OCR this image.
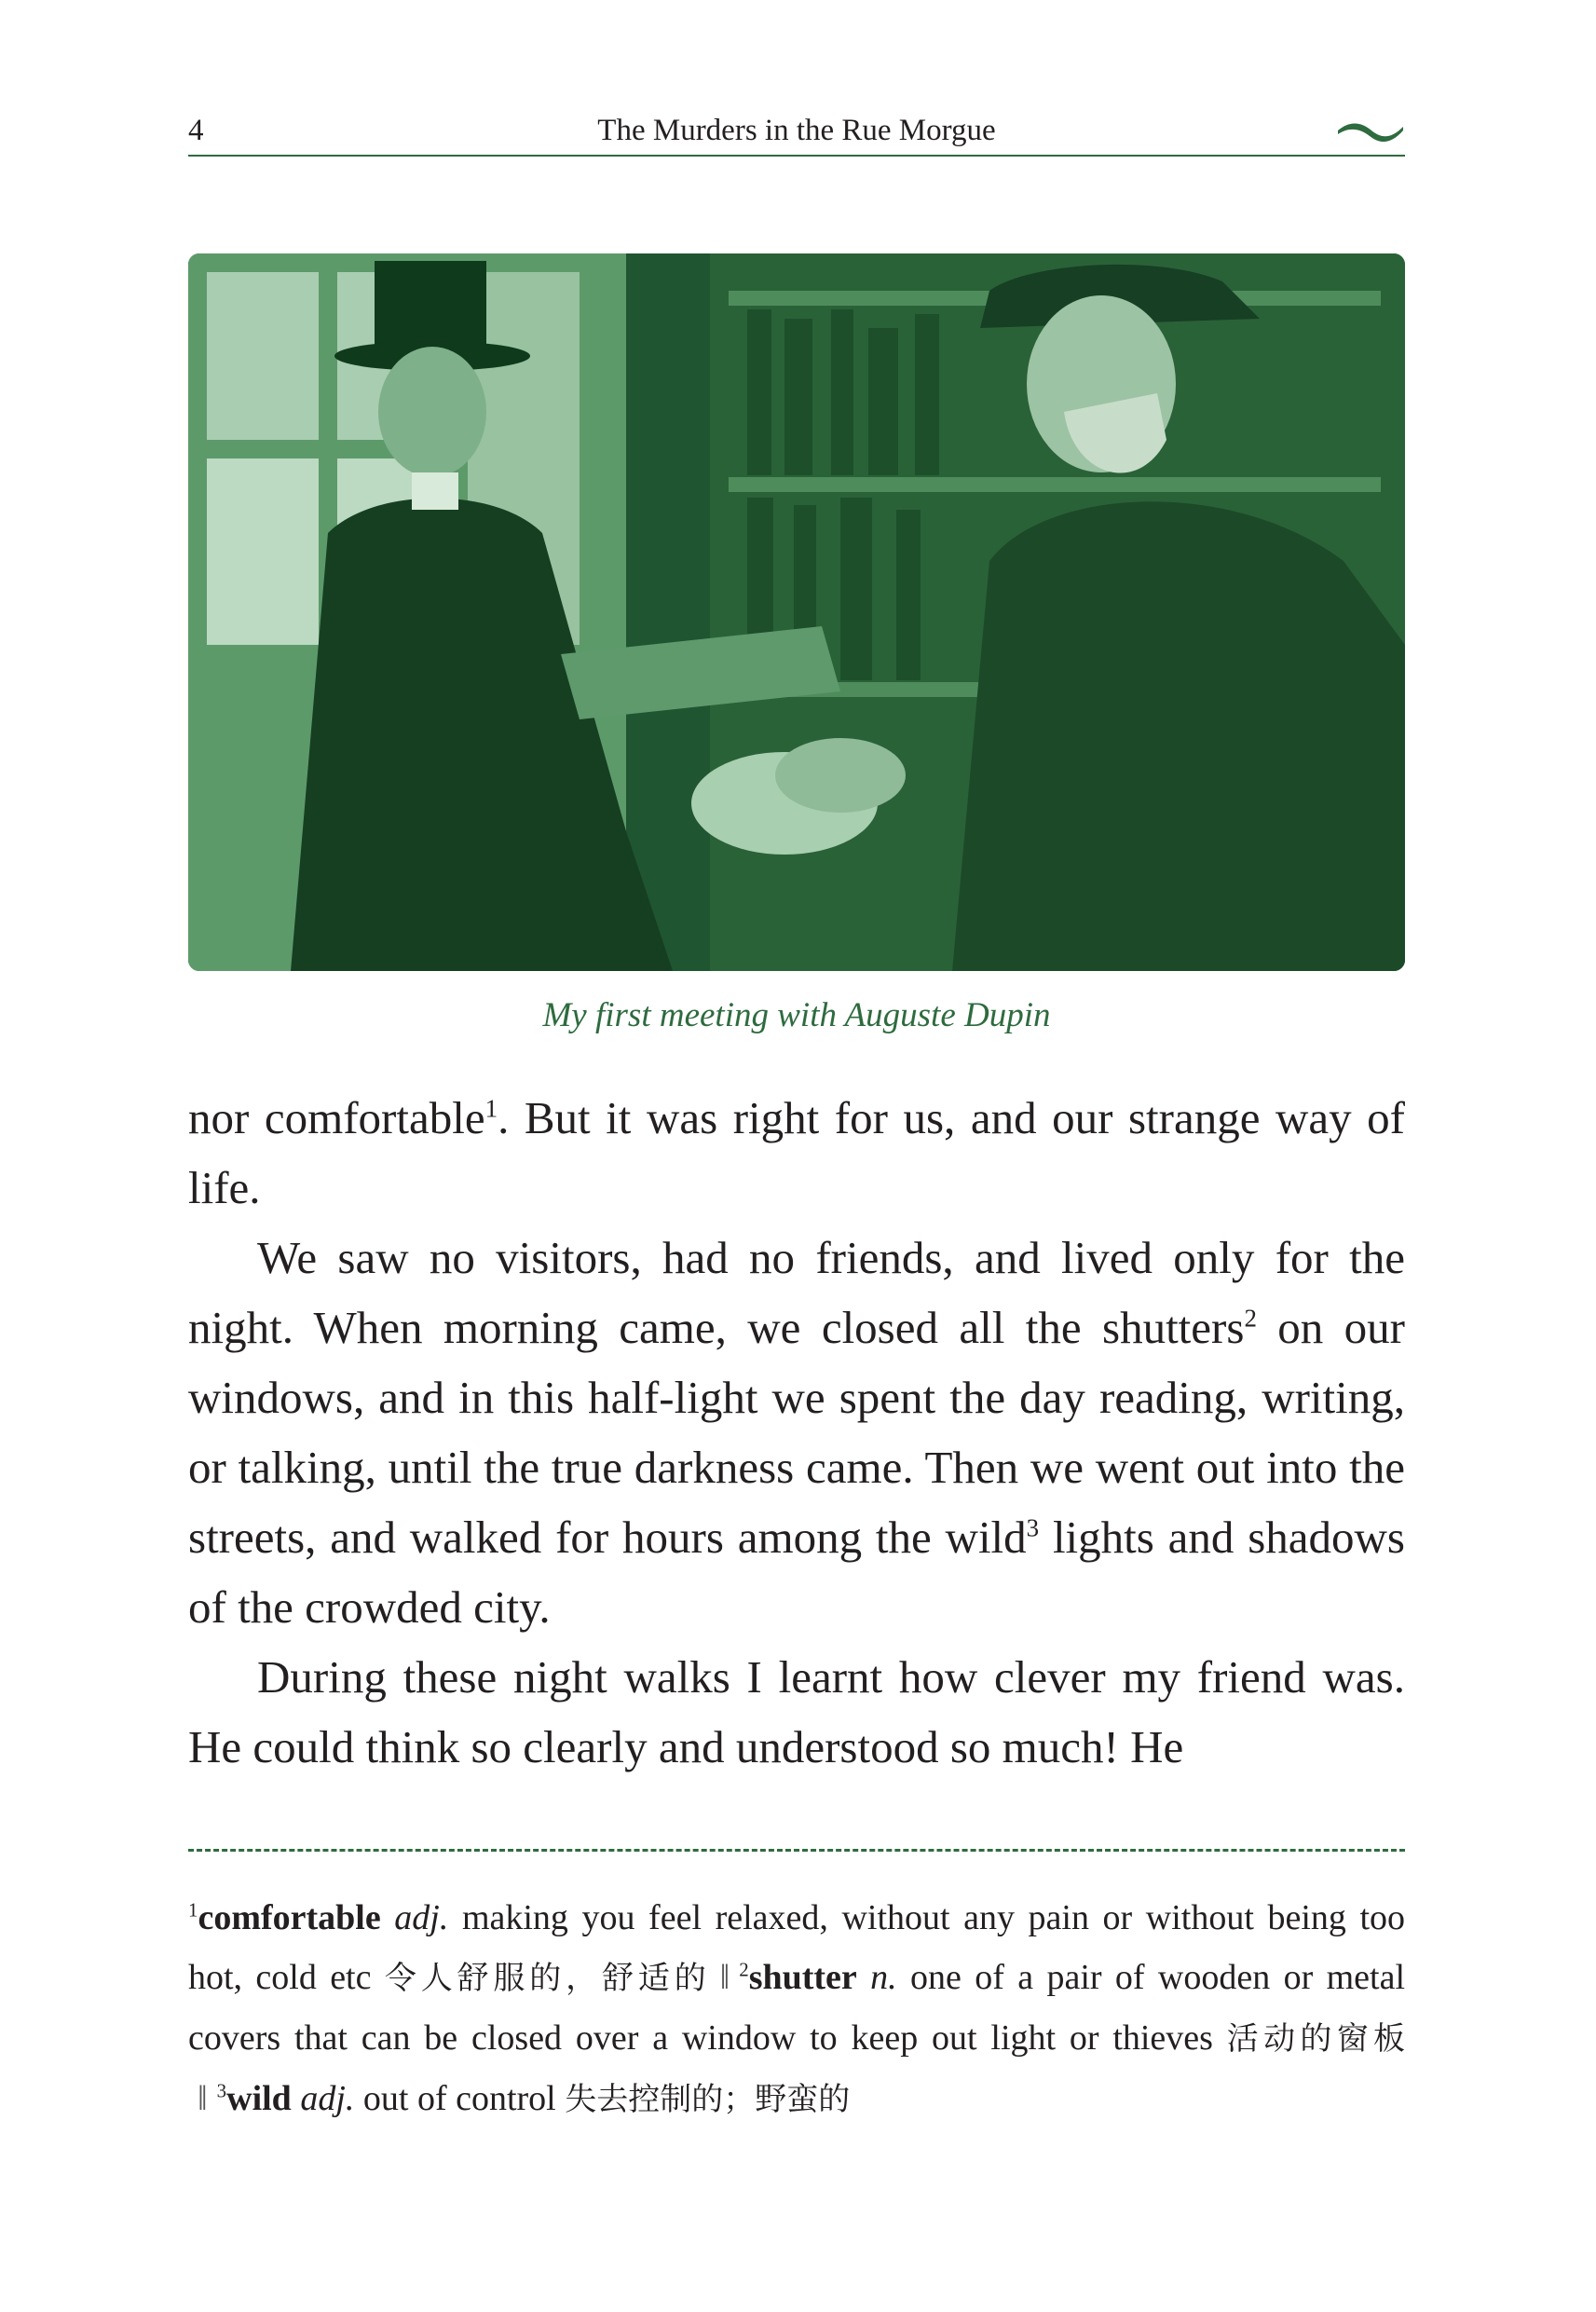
4	The Murders in the Rue Morgue
My first meeting with Auguste Dupin

nor comfortable$^1$. But it was right for us, and our strange way of life.

We saw no visitors, had no friends, and lived only for the night. When morning came, we closed all the shutters$^2$ on our windows, and in this half-light we spent the day reading, writing, or talking, until the true darkness came. Then we went out into the streets, and walked for hours among the wild$^3$ lights and shadows of the crowded city.

During these night walks I learnt how clever my friend was. He could think so clearly and understood so much! He

$^1$comfortable adj. making you feel relaxed, without any pain or without being too hot, cold etc 令人舒服的，舒适的 ‖ $^2$shutter n. one of a pair of wooden or metal covers that can be closed over a window to keep out light or thieves 活动的窗板‖ $^3$wild adj. out of control 失去控制的；野蛮的
